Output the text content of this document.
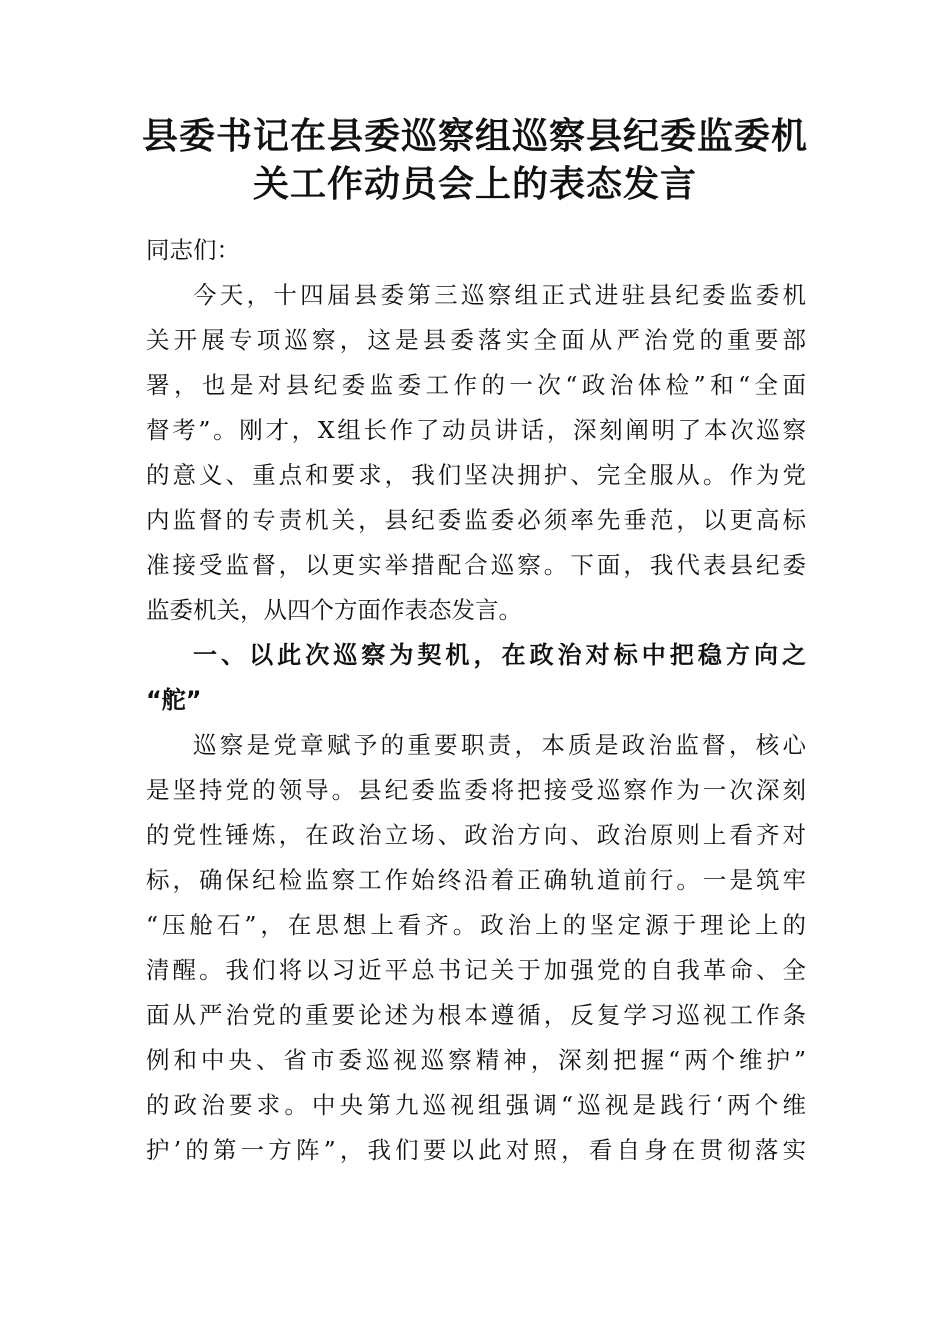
县委书记在县委巡察组巡察县纪委监委机
关工作动员会上的表态发言
同志们：
今天，十四届县委第三巡察组正式进驻县纪委监委机
关开展专项巡察，这是县委落实全面从严治党的重要部
署，也是对县纪委监委工作的一次“政治体检”和“全面
督考”。刚才，X组长作了动员讲话，深刻阐明了本次巡察
的意义、重点和要求，我们坚决拥护、完全服从。作为党
内监督的专责机关，县纪委监委必须率先垂范，以更高标
准接受监督，以更实举措配合巡察。下面，我代表县纪委
监委机关，从四个方面作表态发言。
一、以此次巡察为契机，在政治对标中把稳方向之
“舵”
巡察是党章赋予的重要职责，本质是政治监督，核心
是坚持党的领导。县纪委监委将把接受巡察作为一次深刻
的党性锤炼，在政治立场、政治方向、政治原则上看齐对
标，确保纪检监察工作始终沿着正确轨道前行。一是筑牢
“压舱石”，在思想上看齐。政治上的坚定源于理论上的
清醒。我们将以习近平总书记关于加强党的自我革命、全
面从严治党的重要论述为根本遵循，反复学习巡视工作条
例和中央、省市委巡视巡察精神，深刻把握“两个维护”
的政治要求。中央第九巡视组强调“巡视是践行‘两个维
护’的第一方阵”，我们要以此对照，看自身在贯彻落实
